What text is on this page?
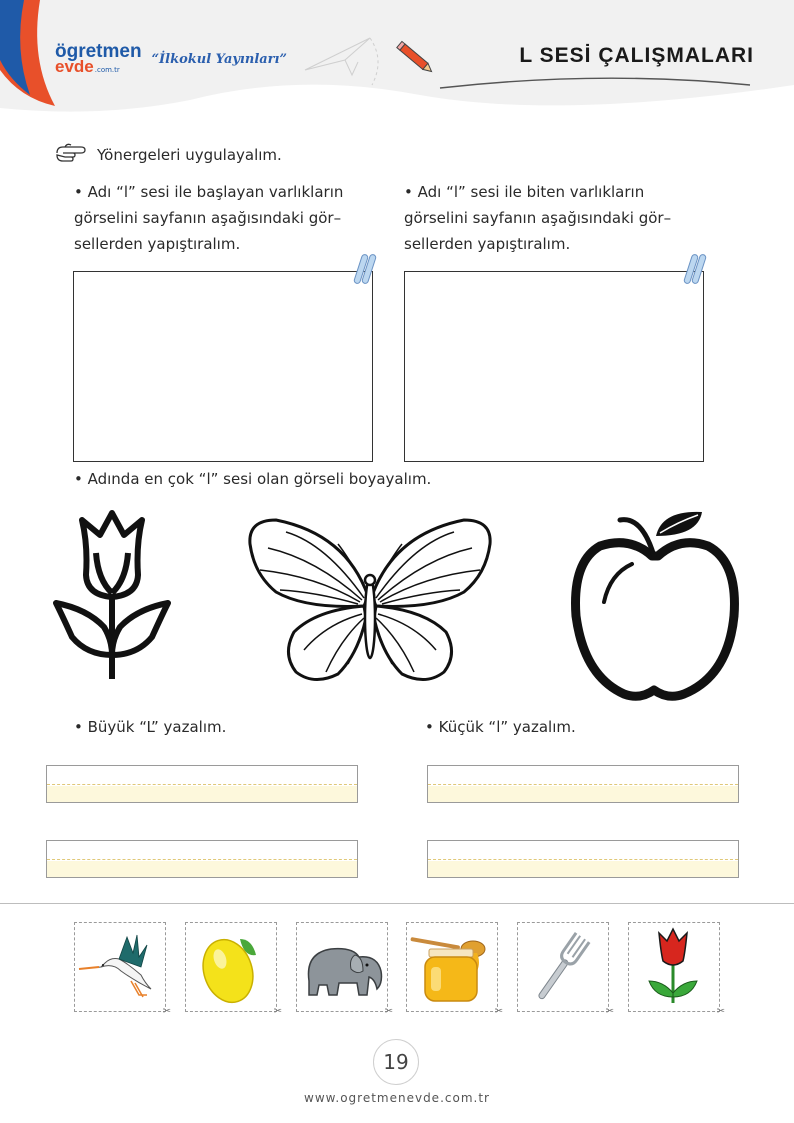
ögretmen
evde .com.tr
“İlkokul Yayınları”	L SESİ ÇALIŞMALARI
Yönergeleri uygulayalım.
• Adı “l” sesi ile başlayan varlıkların
görselini sayfanın aşağısındaki gör–
sellerden yapıştıralım.
• Adı “l” sesi ile biten varlıkların
görselini sayfanın aşağısındaki gör–
sellerden yapıştıralım.
• Adında en çok “l” sesi olan görseli boyayalım.
• Büyük “L” yazalım.	• Küçük “l” yazalım.
✂	✂	✂	✂	✂	✂
19
www.ogretmenevde.com.tr
